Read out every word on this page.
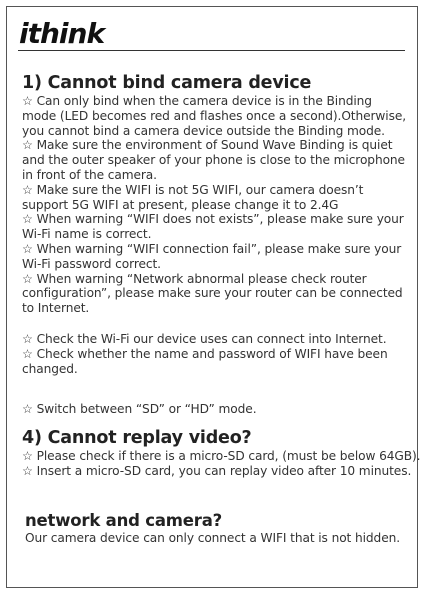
ithink
1) Cannot bind camera device
☆ Can only bind when the camera device is in the Binding
mode (LED becomes red and flashes once a second).Otherwise,
you cannot bind a camera device outside the Binding mode.
☆ Make sure the environment of Sound Wave Binding is quiet
and the outer speaker of your phone is close to the microphone
in front of the camera.
☆ Make sure the WIFI is not 5G WIFI, our camera doesn’t
support 5G WIFI at present, please change it to 2.4G
☆ When warning “WIFI does not exists”, please make sure your
Wi-Fi name is correct.
☆ When warning “WIFI connection fail”, please make sure your
Wi-Fi password correct.
☆ When warning “Network abnormal please check router
configuration”, please make sure your router can be connected
to Internet.
☆ Check the Wi-Fi our device uses can connect into Internet.
☆ Check whether the name and password of WIFI have been
changed.
☆ Switch between “SD” or “HD” mode.
4) Cannot replay video?
☆ Please check if there is a micro-SD card, (must be below 64GB).
☆ Insert a micro-SD card, you can replay video after 10 minutes.
network and camera?
Our camera device can only connect a WIFI that is not hidden.
